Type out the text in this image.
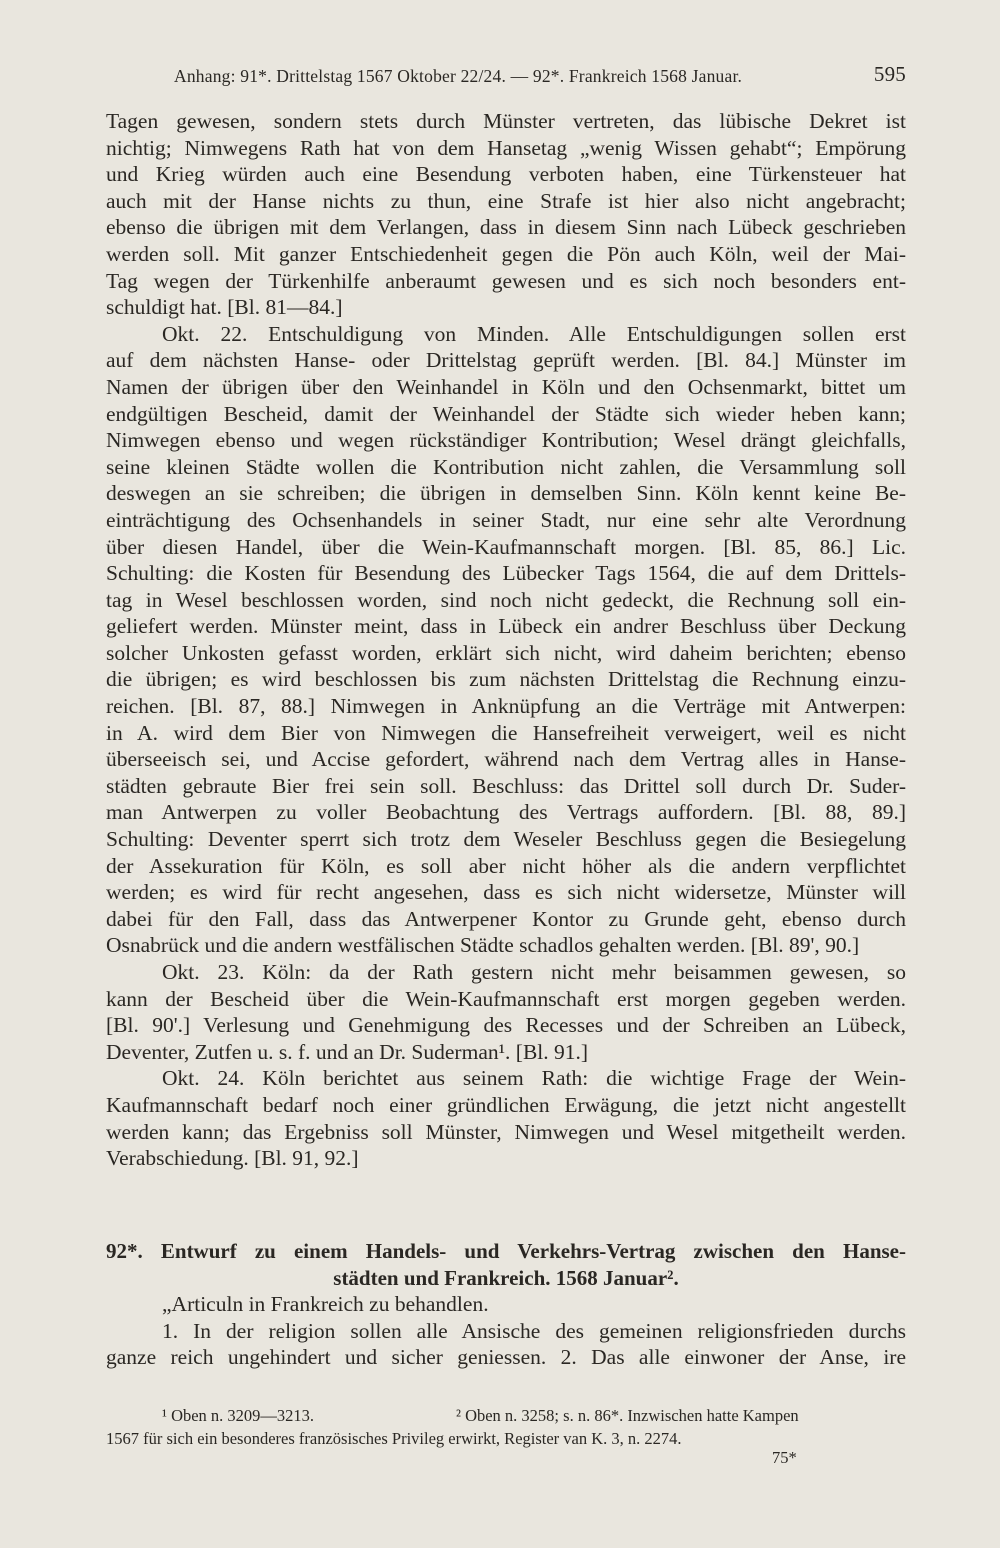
Anhang: 91*. Drittelstag 1567 Oktober 22/24. — 92*. Frankreich 1568 Januar.	595
Tagen gewesen, sondern stets durch Münster vertreten, das lübische Dekret ist
nichtig; Nimwegens Rath hat von dem Hansetag „wenig Wissen gehabt“; Empörung
und Krieg würden auch eine Besendung verboten haben, eine Türkensteuer hat
auch mit der Hanse nichts zu thun, eine Strafe ist hier also nicht angebracht;
ebenso die übrigen mit dem Verlangen, dass in diesem Sinn nach Lübeck geschrieben
werden soll. Mit ganzer Entschiedenheit gegen die Pön auch Köln, weil der Mai-
Tag wegen der Türkenhilfe anberaumt gewesen und es sich noch besonders ent-
schuldigt hat. [Bl. 81—84.]
Okt. 22. Entschuldigung von Minden. Alle Entschuldigungen sollen erst
auf dem nächsten Hanse- oder Drittelstag geprüft werden. [Bl. 84.] Münster im
Namen der übrigen über den Weinhandel in Köln und den Ochsenmarkt, bittet um
endgültigen Bescheid, damit der Weinhandel der Städte sich wieder heben kann;
Nimwegen ebenso und wegen rückständiger Kontribution; Wesel drängt gleichfalls,
seine kleinen Städte wollen die Kontribution nicht zahlen, die Versammlung soll
deswegen an sie schreiben; die übrigen in demselben Sinn. Köln kennt keine Be-
einträchtigung des Ochsenhandels in seiner Stadt, nur eine sehr alte Verordnung
über diesen Handel, über die Wein-Kaufmannschaft morgen. [Bl. 85, 86.] Lic.
Schulting: die Kosten für Besendung des Lübecker Tags 1564, die auf dem Drittels-
tag in Wesel beschlossen worden, sind noch nicht gedeckt, die Rechnung soll ein-
geliefert werden. Münster meint, dass in Lübeck ein andrer Beschluss über Deckung
solcher Unkosten gefasst worden, erklärt sich nicht, wird daheim berichten; ebenso
die übrigen; es wird beschlossen bis zum nächsten Drittelstag die Rechnung einzu-
reichen. [Bl. 87, 88.] Nimwegen in Anknüpfung an die Verträge mit Antwerpen:
in A. wird dem Bier von Nimwegen die Hansefreiheit verweigert, weil es nicht
überseeisch sei, und Accise gefordert, während nach dem Vertrag alles in Hanse-
städten gebraute Bier frei sein soll. Beschluss: das Drittel soll durch Dr. Suder-
man Antwerpen zu voller Beobachtung des Vertrags auffordern. [Bl. 88, 89.]
Schulting: Deventer sperrt sich trotz dem Weseler Beschluss gegen die Besiegelung
der Assekuration für Köln, es soll aber nicht höher als die andern verpflichtet
werden; es wird für recht angesehen, dass es sich nicht widersetze, Münster will
dabei für den Fall, dass das Antwerpener Kontor zu Grunde geht, ebenso durch
Osnabrück und die andern westfälischen Städte schadlos gehalten werden. [Bl. 89', 90.]
Okt. 23. Köln: da der Rath gestern nicht mehr beisammen gewesen, so
kann der Bescheid über die Wein-Kaufmannschaft erst morgen gegeben werden.
[Bl. 90'.] Verlesung und Genehmigung des Recesses und der Schreiben an Lübeck,
Deventer, Zutfen u. s. f. und an Dr. Suderman¹. [Bl. 91.]
Okt. 24. Köln berichtet aus seinem Rath: die wichtige Frage der Wein-
Kaufmannschaft bedarf noch einer gründlichen Erwägung, die jetzt nicht angestellt
werden kann; das Ergebniss soll Münster, Nimwegen und Wesel mitgetheilt werden.
Verabschiedung. [Bl. 91, 92.]
92*. Entwurf zu einem Handels- und Verkehrs-Vertrag zwischen den Hanse-
städten und Frankreich. 1568 Januar².
„Articuln in Frankreich zu behandlen.
1. In der religion sollen alle Ansische des gemeinen religionsfrieden durchs
ganze reich ungehindert und sicher geniessen. 2. Das alle einwoner der Anse, ire
¹ Oben n. 3209—3213.	² Oben n. 3258; s. n. 86*. Inzwischen hatte Kampen
1567 für sich ein besonderes französisches Privileg erwirkt, Register van K. 3, n. 2274.
75*
